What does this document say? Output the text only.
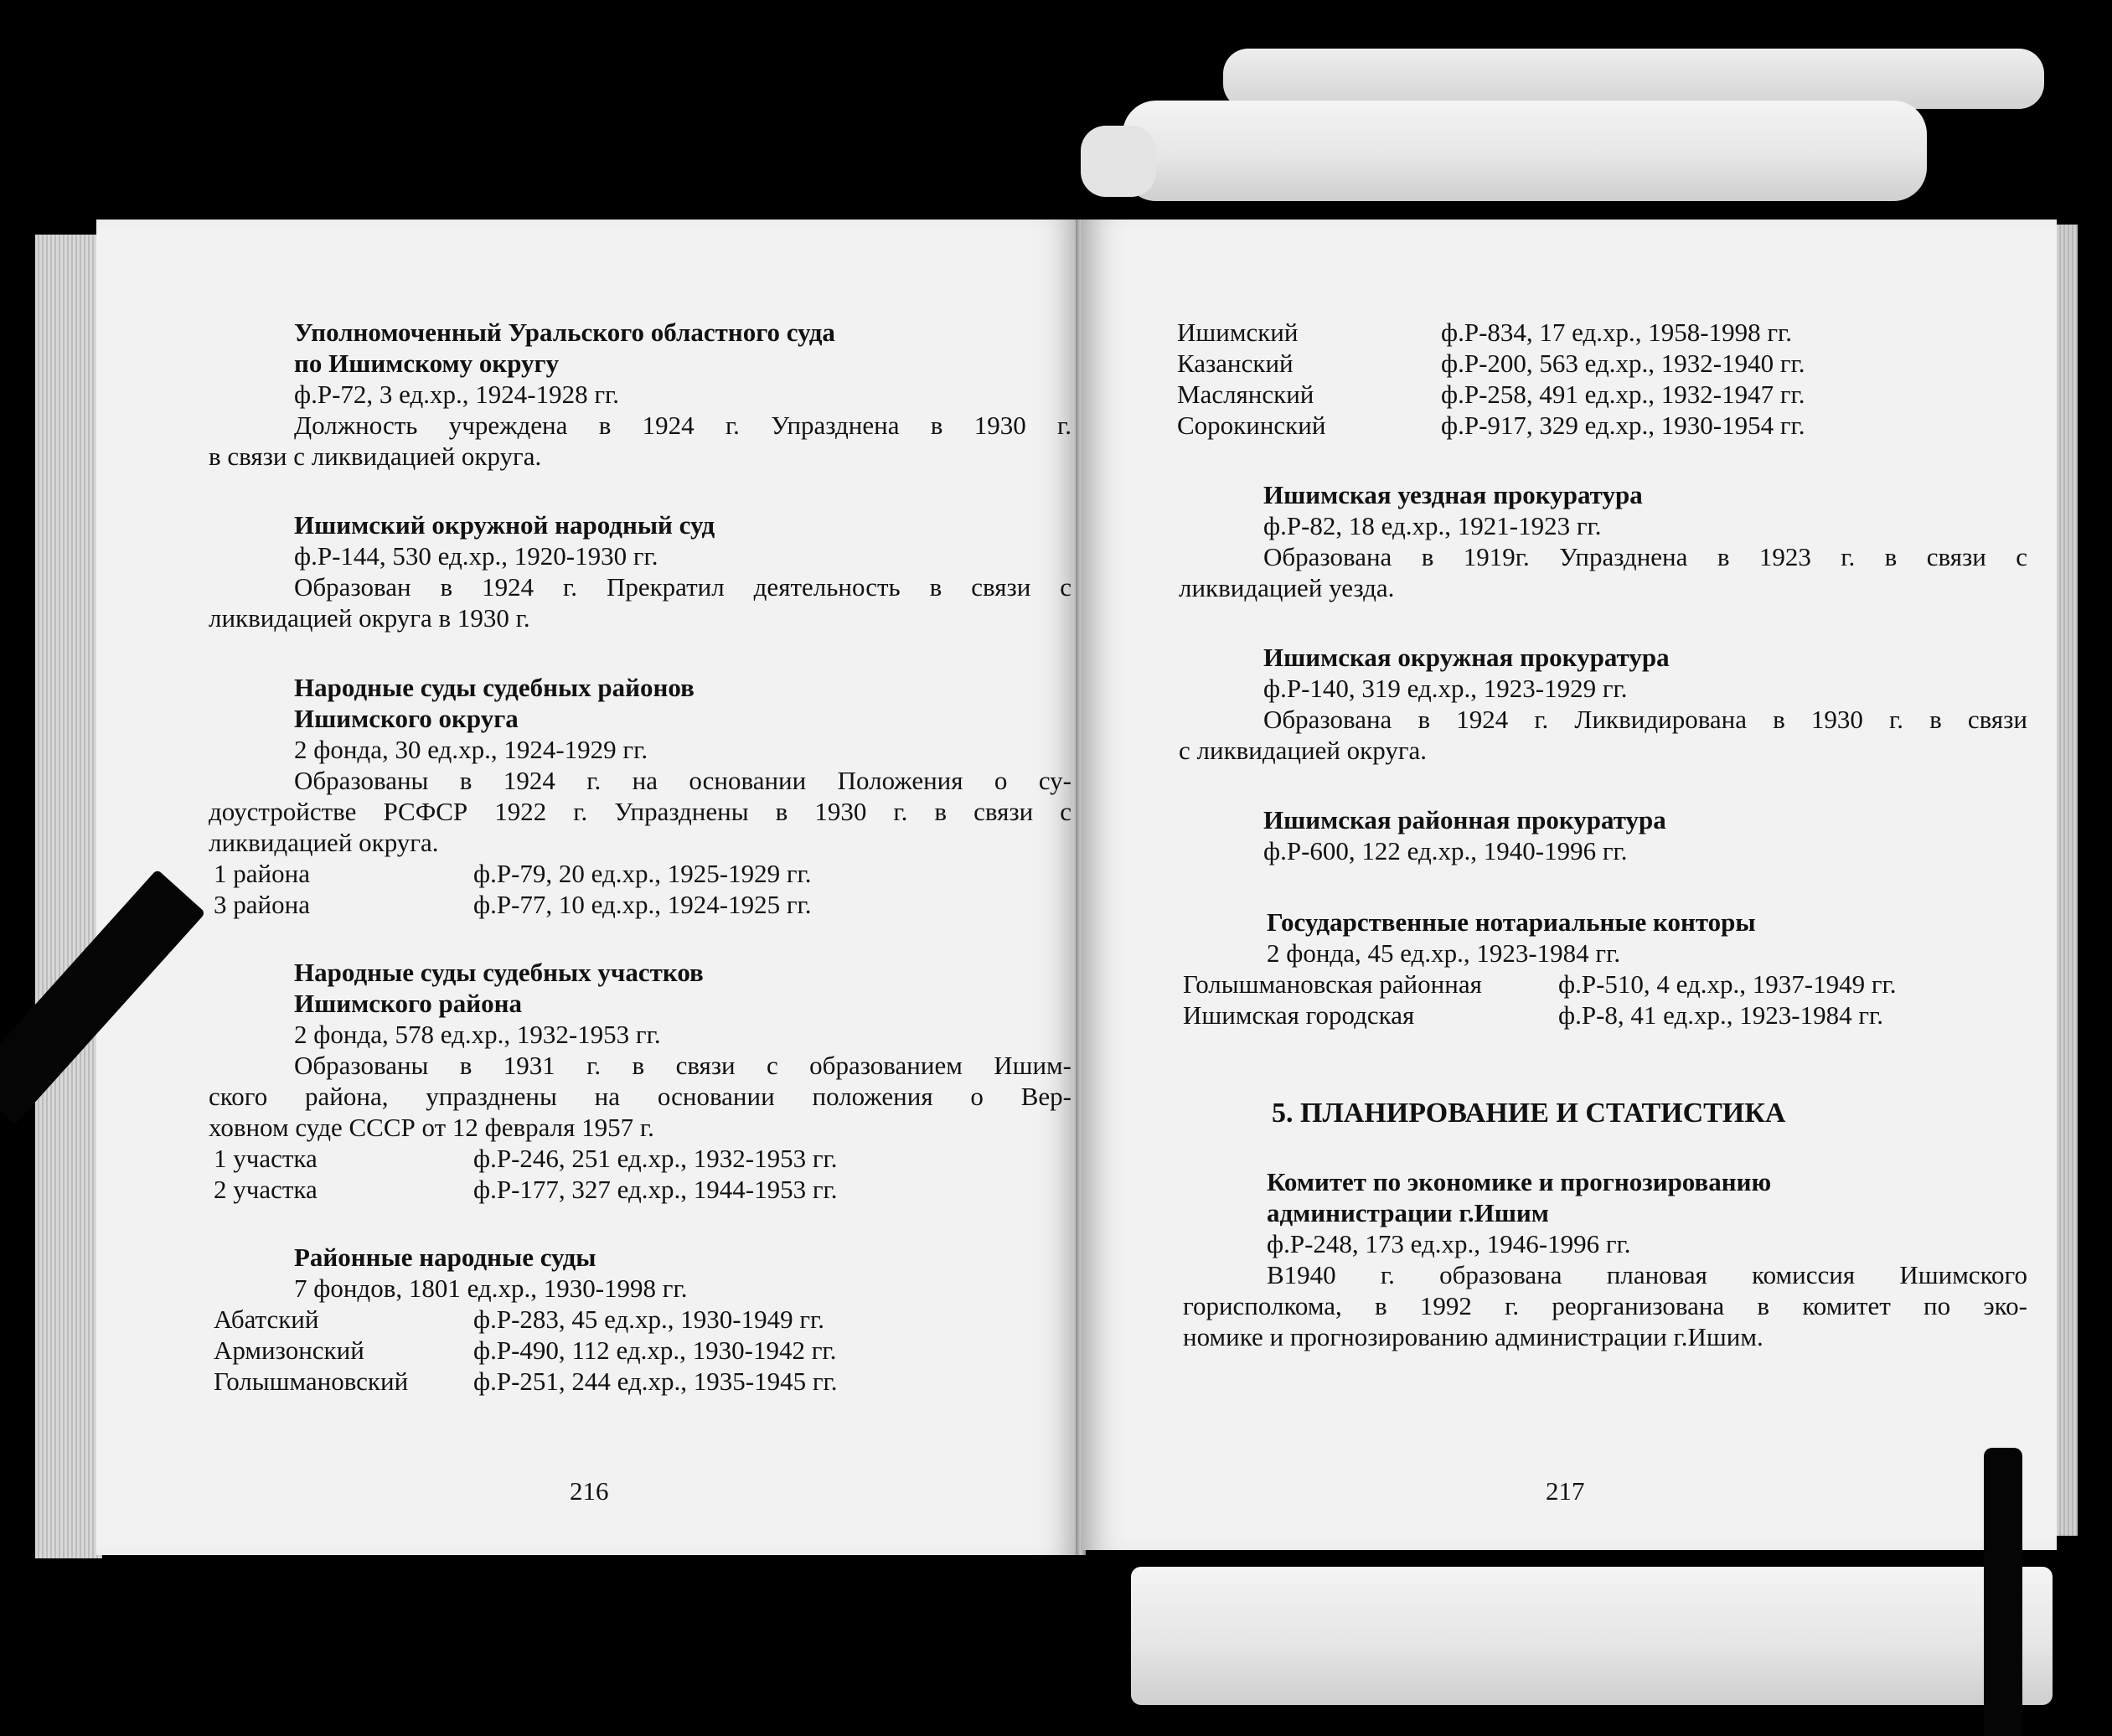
Уполномоченный Уральского областного суда
по Ишимскому округу
ф.Р-72, 3 ед.хр., 1924-1928 гг.
Должность учреждена в 1924 г. Упразднена в 1930 г.
в связи с ликвидацией округа.
Ишимский окружной народный суд
ф.Р-144, 530 ед.хр., 1920-1930 гг.
Образован в 1924 г. Прекратил деятельность в связи с
ликвидацией округа в 1930 г.
Народные суды судебных районов
Ишимского округа
2 фонда, 30 ед.хр., 1924-1929 гг.
Образованы в 1924 г. на основании Положения о су-
доустройстве РСФСР 1922 г. Упразднены в 1930 г. в связи с
ликвидацией округа.
1 района	ф.Р-79, 20 ед.хр., 1925-1929 гг.
3 района	ф.Р-77, 10 ед.хр., 1924-1925 гг.
Народные суды судебных участков
Ишимского района
2 фонда, 578 ед.хр., 1932-1953 гг.
Образованы в 1931 г. в связи с образованием Ишим-
ского района, упразднены на основании положения о Вер-
ховном суде СССР от 12 февраля 1957 г.
1 участка	ф.Р-246, 251 ед.хр., 1932-1953 гг.
2 участка	ф.Р-177, 327 ед.хр., 1944-1953 гг.
Районные народные суды
7 фондов, 1801 ед.хр., 1930-1998 гг.
Абатский	ф.Р-283, 45 ед.хр., 1930-1949 гг.
Армизонский	ф.Р-490, 112 ед.хр., 1930-1942 гг.
Голышмановский	ф.Р-251, 244 ед.хр., 1935-1945 гг.
216
Ишимский	ф.Р-834, 17 ед.хр., 1958-1998 гг.
Казанский	ф.Р-200, 563 ед.хр., 1932-1940 гг.
Маслянский	ф.Р-258, 491 ед.хр., 1932-1947 гг.
Сорокинский	ф.Р-917, 329 ед.хр., 1930-1954 гг.
Ишимская уездная прокуратура
ф.Р-82, 18 ед.хр., 1921-1923 гг.
Образована в 1919г. Упразднена в 1923 г. в связи с
ликвидацией уезда.
Ишимская окружная прокуратура
ф.Р-140, 319 ед.хр., 1923-1929 гг.
Образована в 1924 г. Ликвидирована в 1930 г. в связи
с ликвидацией округа.
Ишимская районная прокуратура
ф.Р-600, 122 ед.хр., 1940-1996 гг.
Государственные нотариальные конторы
2 фонда, 45 ед.хр., 1923-1984 гг.
Голышмановская районная	ф.Р-510, 4 ед.хр., 1937-1949 гг.
Ишимская городская	ф.Р-8, 41 ед.хр., 1923-1984 гг.
5. ПЛАНИРОВАНИЕ И СТАТИСТИКА
Комитет по экономике и прогнозированию
администрации г.Ишим
ф.Р-248, 173 ед.хр., 1946-1996 гг.
В1940 г. образована плановая комиссия Ишимского
горисполкома, в 1992 г. реорганизована в комитет по эко-
номике и прогнозированию администрации г.Ишим.
217
